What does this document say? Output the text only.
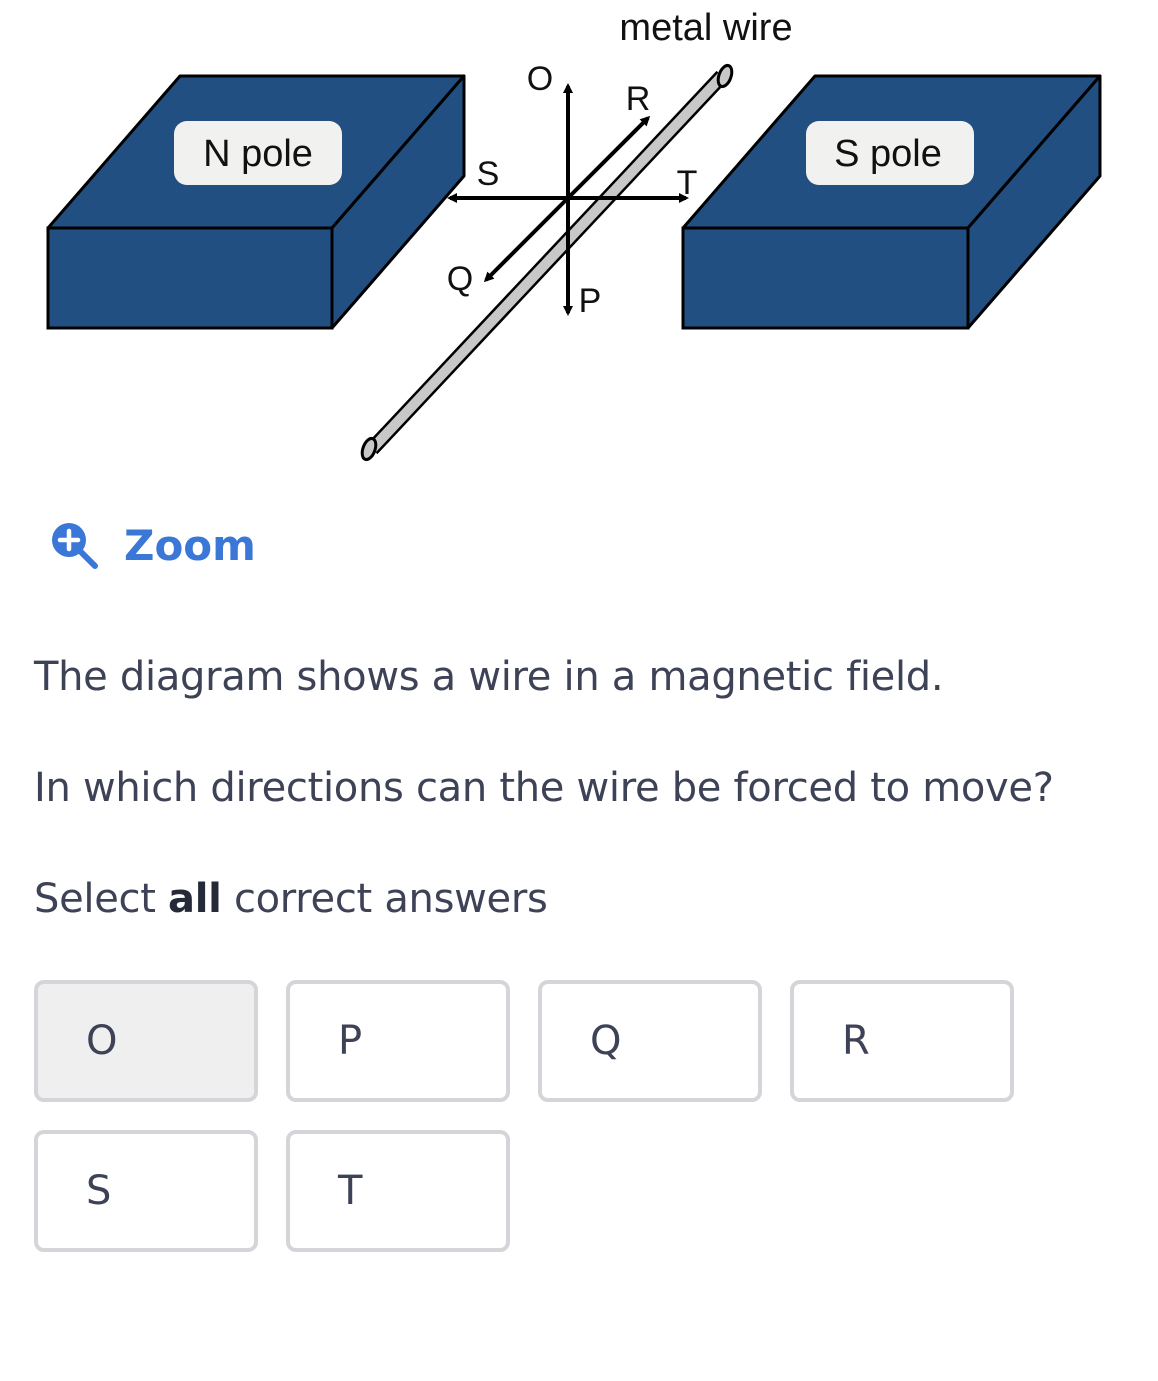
N pole	S pole
metal wire
O
P
Q
R
S	T
Zoom

The diagram shows a wire in a magnetic field.

In which directions can the wire be forced to move?

Select all correct answers

O	P	Q	R
S	T
